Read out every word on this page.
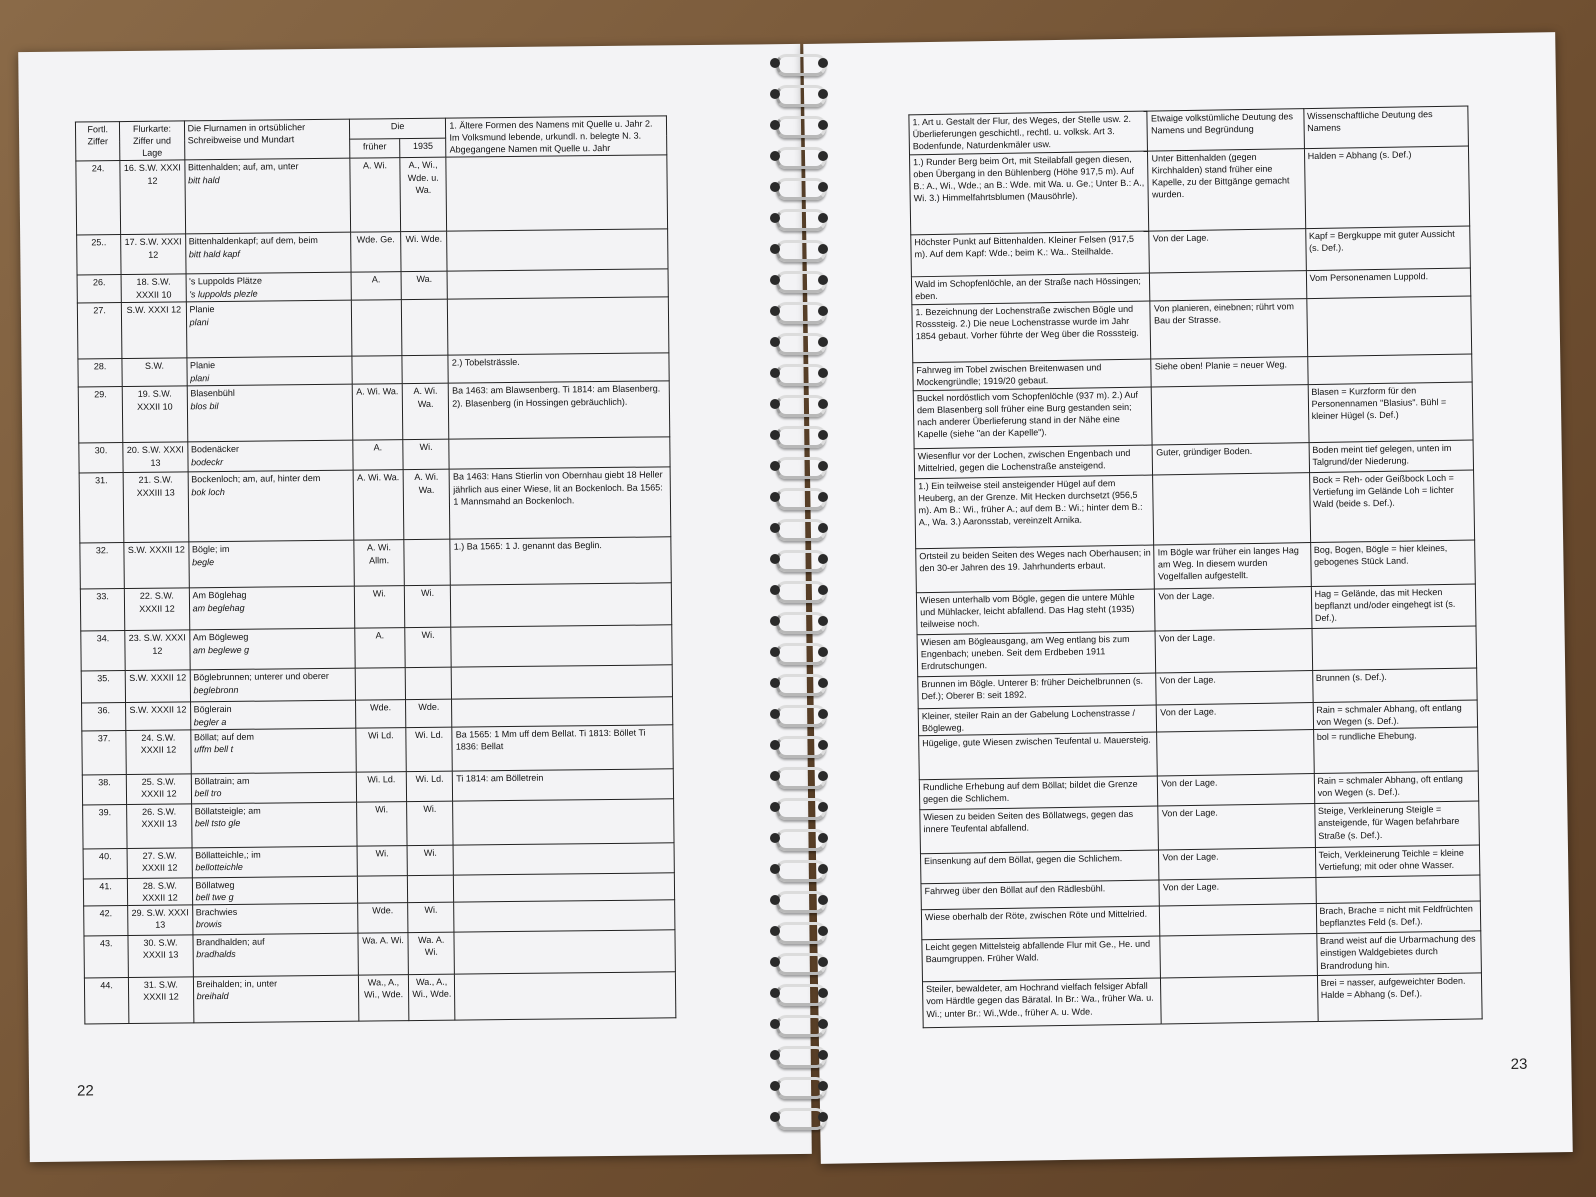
Fortl. Ziffer	Flurkarte: Ziffer und Lage	Die Flurnamen in ortsüblicher Schreibweise und Mundart	Die		1. Ältere Formen des Namens mit Quelle u. Jahr 2. Im Volksmund lebende, urkundl. n. belegte N. 3. Abgegangene Namen mit Quelle u. Jahr
			früher	1935	
24.	16. S.W. XXXI 12	Bittenhalden; auf, am, unter
bitt hald	A. Wi.	A., Wi., Wde. u. Wa.	
25..	17. S.W. XXXI 12	Bittenhaldenkapf; auf dem, beim
bitt hald kapf	Wde. Ge.	Wi. Wde.	
26.	18. S.W. XXXII 10	's Luppolds Plätze
's luppolds plezle	A.	Wa.	
27.	S.W. XXXI 12	Planie
plani			

28.	S.W.	Planie
plani			2.) Tobelsträssle.
29.	19. S.W. XXXII 10	Blasenbühl
blos bil	A. Wi. Wa.	A. Wi. Wa.	Ba 1463: am Blawsenberg. Ti 1814: am Blasenberg. 2). Blasenberg (in Hossingen gebräuchlich).
30.	20. S.W. XXXI 13	Bodenäcker
bodeckr	A.	Wi.	
31.	21. S.W. XXXIII 13	Bockenloch; am, auf, hinter dem
bok loch	A. Wi. Wa.	A. Wi. Wa.	Ba 1463: Hans Stierlin von Obernhau giebt 18 Heller jährlich aus einer Wiese, lit an Bockenloch. Ba 1565: 1 Mannsmahd an Bockenloch.
32.	S.W. XXXII 12	Bögle; im
begle	A. Wi. Allm.		1.) Ba 1565: 1 J. genannt das Beglin.
33.	22. S.W. XXXII 12	Am Böglehag
am beglehag	Wi.	Wi.	
34.	23. S.W. XXXI 12	Am Bögleweg
am beglewe g	A.	Wi.	
35.	S.W. XXXII 12	Böglebrunnen; unterer und oberer
beglebronn			

36.	S.W. XXXII 12	Böglerain
begler a	Wde.	Wde.	
37.	24. S.W. XXXII 12	Böllat; auf dem
uffm bell t	Wi Ld.	Wi. Ld.	Ba 1565: 1 Mm uff dem Bellat. Ti 1813: Böllet Ti 1836: Bellat
38.	25. S.W. XXXII 12	Böllatrain; am
bell tro	Wi. Ld.	Wi. Ld.	Ti 1814: am Bölletrein
39.	26. S.W. XXXII 13	Böllatsteigle; am
bell tsto gle	Wi.	Wi.	
40.	27. S.W. XXXII 12	Böllatteichle,; im
bellotteichle	Wi.	Wi.	
41.	28. S.W. XXXII 12	Böllatweg
bell twe g			

42.	29. S.W. XXXI 13	Brachwies
browis	Wde.	Wi.	
43.	30. S.W. XXXII 13	Brandhalden; auf
bradhalds	Wa. A. Wi.	Wa. A. Wi.	
44.	31. S.W. XXXII 12	Breihalden; in, unter
breihald	Wa., A., Wi., Wde.	Wa., A., Wi., Wde.	
22
1. Art u. Gestalt der Flur, des Weges, der Stelle usw. 2. Überlieferungen geschichtl., rechtl. u. volksk. Art 3. Bodenfunde, Naturdenkmäler usw.	Etwaige volkstümliche Deutung des Namens und Begründung	Wissenschaftliche Deutung des Namens
1.) Runder Berg beim Ort, mit Steilabfall gegen diesen, oben Übergang in den Bühlenberg (Höhe 917,5 m). Auf B.: A., Wi., Wde.; an B.: Wde. mit Wa. u. Ge.; Unter B.: A., Wi. 3.) Himmelfahrtsblumen (Mausöhrle).	Unter Bittenhalden (gegen Kirchhalden) stand früher eine Kapelle, zu der Bittgänge gemacht wurden.	Halden = Abhang (s. Def.)
Höchster Punkt auf Bittenhalden. Kleiner Felsen (917,5 m). Auf dem Kapf: Wde.; beim K.: Wa.. Steilhalde.	Von der Lage.	Kapf = Bergkuppe mit guter Aussicht (s. Def.).
Wald im Schopfenlöchle, an der Straße nach Hössingen; eben.		Vom Personenamen Luppold.
1. Bezeichnung der Lochenstraße zwischen Bögle und Rosssteig. 2.) Die neue Lochenstrasse wurde im Jahr 1854 gebaut. Vorher führte der Weg über die Rosssteig.	Von planieren, einebnen; rührt vom Bau der Strasse.	
Fahrweg im Tobel zwischen Breitenwasen und Mockengründle; 1919/20 gebaut.	Siehe oben! Planie = neuer Weg.	
Buckel nordöstlich vom Schopfenlöchle (937 m). 2.) Auf dem Blasenberg soll früher eine Burg gestanden sein; nach anderer Überlieferung stand in der Nähe eine Kapelle (siehe "an der Kapelle").		Blasen = Kurzform für den Personennamen "Blasius". Bühl = kleiner Hügel (s. Def.)
Wiesenflur vor der Lochen, zwischen Engenbach und Mittelried, gegen die Lochenstraße ansteigend.	Guter, gründiger Boden.	Boden meint tief gelegen, unten im Talgrund/der Niederung.
1.) Ein teilweise steil ansteigender Hügel auf dem Heuberg, an der Grenze. Mit Hecken durchsetzt (956,5 m). Am B.: Wi., früher A.; auf dem B.: Wi.; hinter dem B.: A., Wa. 3.) Aaronsstab, vereinzelt Arnika.		Bock = Reh- oder Geißbock Loch = Vertiefung im Gelände Loh = lichter Wald (beide s. Def.).
Ortsteil zu beiden Seiten des Weges nach Oberhausen; in den 30-er Jahren des 19. Jahrhunderts erbaut.	Im Bögle war früher ein langes Hag am Weg. In diesem wurden Vogelfallen aufgestellt.	Bog, Bogen, Bögle = hier kleines, gebogenes Stück Land.
Wiesen unterhalb vom Bögle, gegen die untere Mühle und Mühlacker, leicht abfallend. Das Hag steht (1935) teilweise noch.	Von der Lage.	Hag = Gelände, das mit Hecken bepflanzt und/oder eingehegt ist (s. Def.).
Wiesen am Bögleausgang, am Weg entlang bis zum Engenbach; uneben. Seit dem Erdbeben 1911 Erdrutschungen.	Von der Lage.	
Brunnen im Bögle. Unterer B: früher Deichelbrunnen (s. Def.); Oberer B: seit 1892.	Von der Lage.	Brunnen (s. Def.).
Kleiner, steiler Rain an der Gabelung Lochenstrasse / Bögleweg.	Von der Lage.	Rain = schmaler Abhang, oft entlang von Wegen (s. Def.).
Hügelige, gute Wiesen zwischen Teufental u. Mauersteig.		bol = rundliche Ehebung.
Rundliche Erhebung auf dem Böllat; bildet die Grenze gegen die Schlichem.	Von der Lage.	Rain = schmaler Abhang, oft entlang von Wegen (s. Def.).
Wiesen zu beiden Seiten des Böllatwegs, gegen das innere Teufental abfallend.	Von der Lage.	Steige, Verkleinerung Steigle = ansteigende, für Wagen befahrbare Straße (s. Def.).
Einsenkung auf dem Böllat, gegen die Schlichem.	Von der Lage.	Teich, Verkleinerung Teichle = kleine Vertiefung; mit oder ohne Wasser.
Fahrweg über den Böllat auf den Rädlesbühl.	Von der Lage.	
Wiese oberhalb der Röte, zwischen Röte und Mittelried.		Brach, Brache = nicht mit Feldfrüchten bepflanztes Feld (s. Def.).
Leicht gegen Mittelsteig abfallende Flur mit Ge., He. und Baumgruppen. Früher Wald.		Brand weist auf die Urbarmachung des einstigen Waldgebietes durch Brandrodung hin.
Steiler, bewaldeter, am Hochrand vielfach felsiger Abfall vom Härdtle gegen das Bäratal. In Br.: Wa., früher Wa. u. Wi.; unter Br.: Wi.,Wde., früher A. u. Wde.		Brei = nasser, aufgeweichter Boden. Halde = Abhang (s. Def.).
23
